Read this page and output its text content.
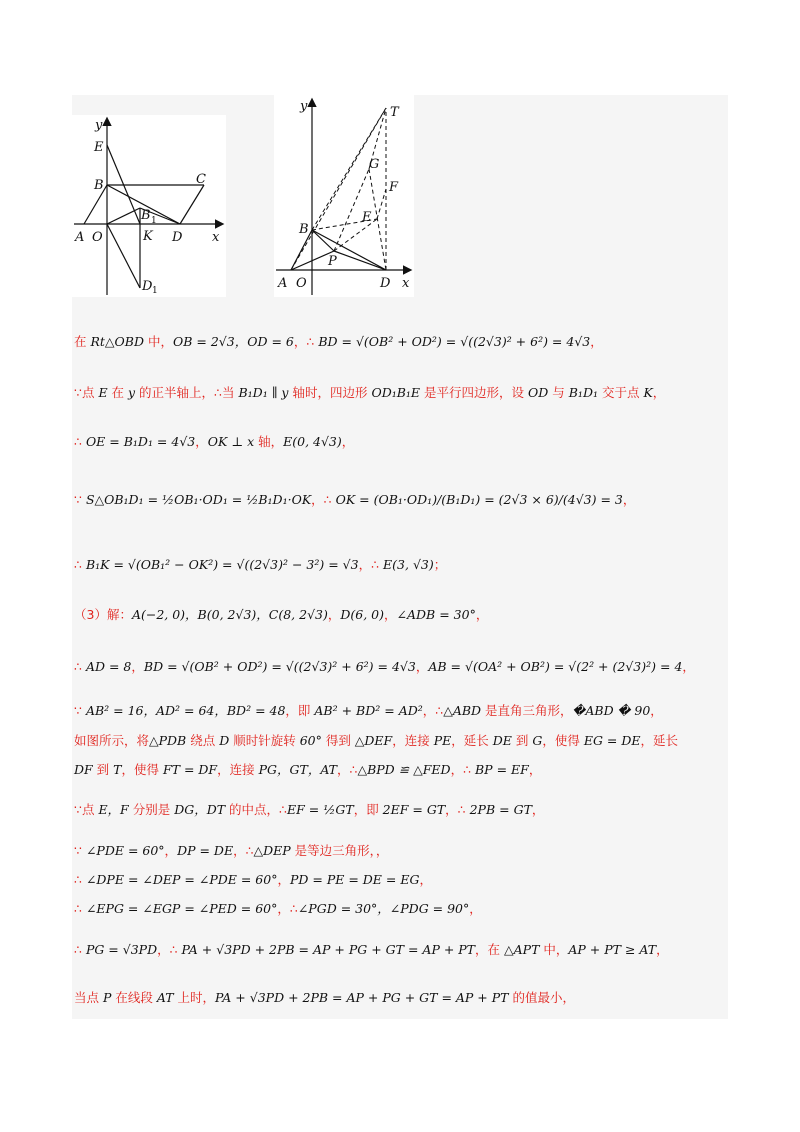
y
x
E
C
B
B 1
A O	K D
D 1
y	T
G
F
E
B
P
A O	D x
在 Rt△OBD 中，OB = 2√3，OD = 6，∴ BD = √(OB² + OD²) = √((2√3)² + 6²) = 4√3，
∵点 E 在 y 的正半轴上，∴当 B₁D₁ ∥ y 轴时，四边形 OD₁B₁E 是平行四边形，设 OD 与 B₁D₁ 交于点 K，
∴ OE = B₁D₁ = 4√3，OK ⊥ x 轴，E(0, 4√3)，
∵ S△OB₁D₁ = ½OB₁·OD₁ = ½B₁D₁·OK，∴ OK = (OB₁·OD₁)/(B₁D₁) = (2√3 × 6)/(4√3) = 3，
∴ B₁K = √(OB₁² − OK²) = √((2√3)² − 3²) = √3，∴ E(3, √3)；
（3）解：A(−2, 0)，B(0, 2√3)，C(8, 2√3)，D(6, 0)，∠ADB = 30°，
∴ AD = 8，BD = √(OB² + OD²) = √((2√3)² + 6²) = 4√3，AB = √(OA² + OB²) = √(2² + (2√3)²) = 4，
∵ AB² = 16，AD² = 64，BD² = 48，即 AB² + BD² = AD²，∴△ABD 是直角三角形，�ABD � 90，
如图所示，将△PDB 绕点 D 顺时针旋转 60° 得到 △DEF，连接 PE，延长 DE 到 G，使得 EG = DE，延长
DF 到 T，使得 FT = DF，连接 PG，GT，AT，∴△BPD ≌ △FED，∴ BP = EF，
∵点 E，F 分别是 DG，DT 的中点，∴EF = ½GT，即 2EF = GT，∴ 2PB = GT，
∵ ∠PDE = 60°，DP = DE，∴△DEP 是等边三角形，，
∴ ∠DPE = ∠DEP = ∠PDE = 60°，PD = PE = DE = EG，
∴ ∠EPG = ∠EGP = ∠PED = 60°，∴∠PGD = 30°，∠PDG = 90°，
∴ PG = √3PD，∴ PA + √3PD + 2PB = AP + PG + GT = AP + PT，在 △APT 中，AP + PT ≥ AT，
当点 P 在线段 AT 上时，PA + √3PD + 2PB = AP + PG + GT = AP + PT 的值最小，
